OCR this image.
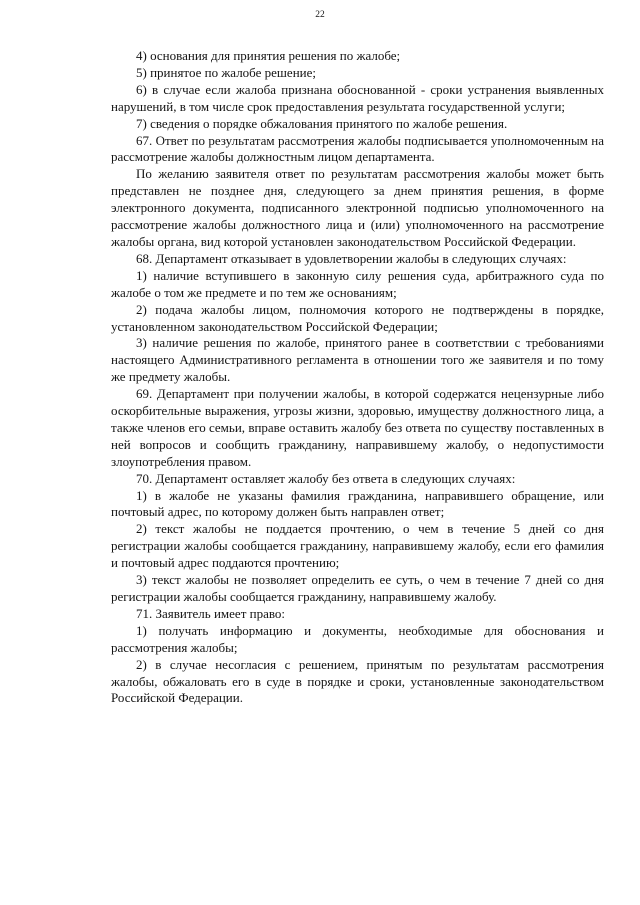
22

4) основания для принятия решения по жалобе;

5) принятое по жалобе решение;

6) в случае если жалоба признана обоснованной - сроки устранения выявленных нарушений, в том числе срок предоставления результата государственной услуги;

7) сведения о порядке обжалования принятого по жалобе решения.

67. Ответ по результатам рассмотрения жалобы подписывается уполномоченным на рассмотрение жалобы должностным лицом департамента.

По желанию заявителя ответ по результатам рассмотрения жалобы может быть представлен не позднее дня, следующего за днем принятия решения, в форме электронного документа, подписанного электронной подписью уполномоченного на рассмотрение жалобы должностного лица и (или) уполномоченного на рассмотрение жалобы органа, вид которой установлен законодательством Российской Федерации.

68. Департамент отказывает в удовлетворении жалобы в следующих случаях:

1) наличие вступившего в законную силу решения суда, арбитражного суда по жалобе о том же предмете и по тем же основаниям;

2) подача жалобы лицом, полномочия которого не подтверждены в порядке, установленном законодательством Российской Федерации;

3) наличие решения по жалобе, принятого ранее в соответствии с требованиями настоящего Административного регламента в отношении того же заявителя и по тому же предмету жалобы.

69. Департамент при получении жалобы, в которой содержатся нецензурные либо оскорбительные выражения, угрозы жизни, здоровью, имуществу должностного лица, а также членов его семьи, вправе оставить жалобу без ответа по существу поставленных в ней вопросов и сообщить гражданину, направившему жалобу, о недопустимости злоупотребления правом.

70. Департамент оставляет жалобу без ответа в следующих случаях:

1) в жалобе не указаны фамилия гражданина, направившего обращение, или почтовый адрес, по которому должен быть направлен ответ;

2) текст жалобы не поддается прочтению, о чем в течение 5 дней со дня регистрации жалобы сообщается гражданину, направившему жалобу, если его фамилия и почтовый адрес поддаются прочтению;

3) текст жалобы не позволяет определить ее суть, о чем в течение 7 дней со дня регистрации жалобы сообщается гражданину, направившему жалобу.

71. Заявитель имеет право:

1) получать информацию и документы, необходимые для обоснования и рассмотрения жалобы;

2) в случае несогласия с решением, принятым по результатам рассмотрения жалобы, обжаловать его в суде в порядке и сроки, установленные законодательством Российской Федерации.
